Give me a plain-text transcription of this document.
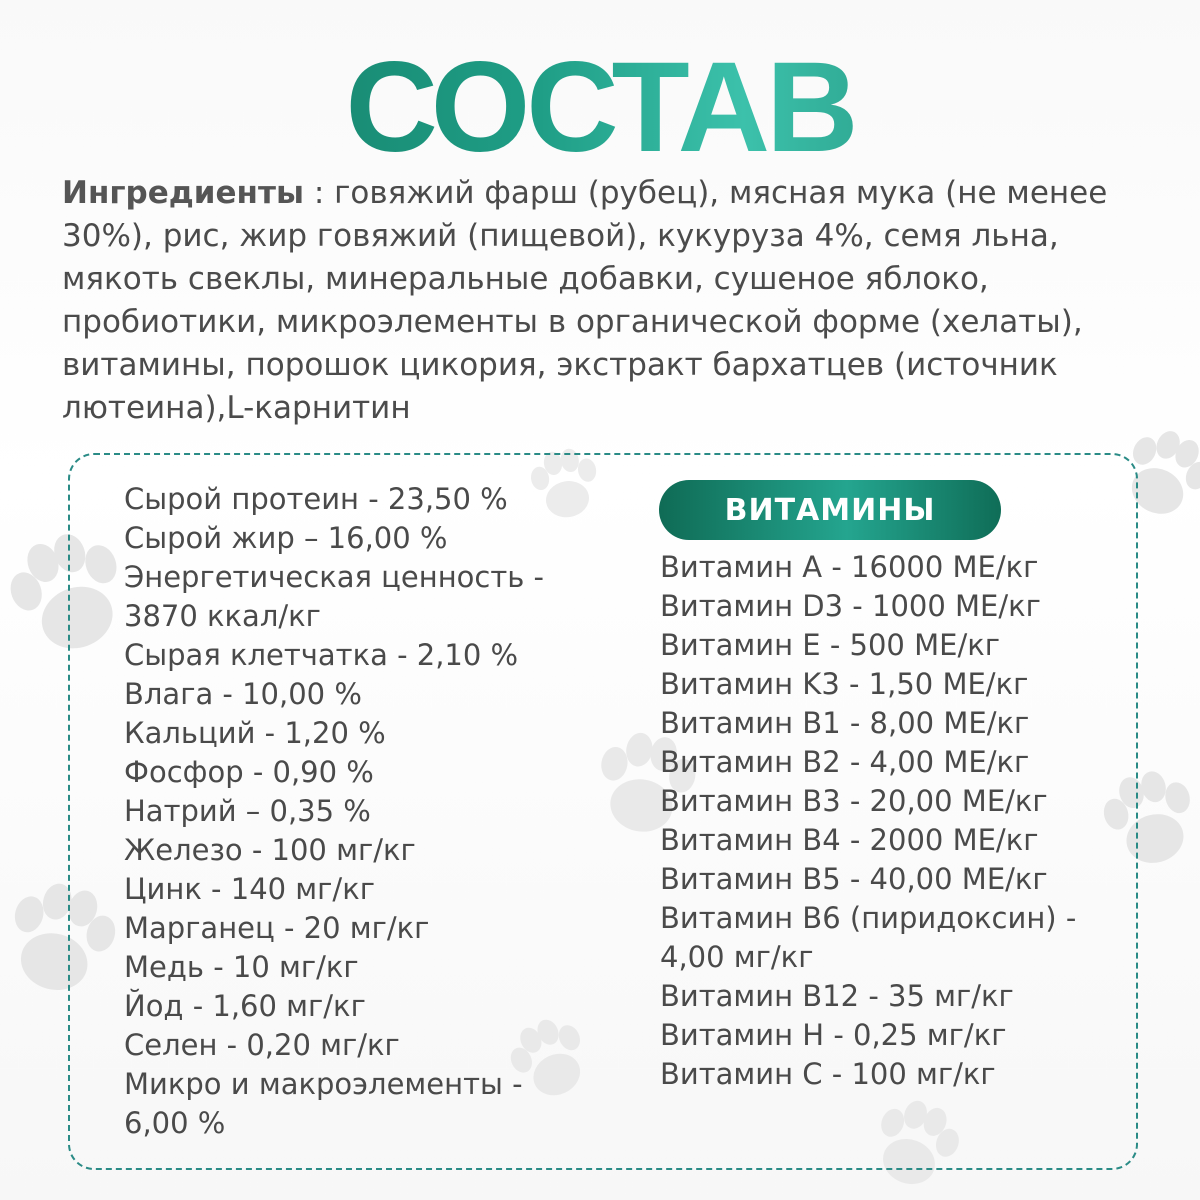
СОСТАВ
Ингредиенты : говяжий фарш (рубец), мясная мука (не менее 30%), рис, жир говяжий (пищевой), кукуруза 4%, семя льна, мякоть свеклы, минеральные добавки, сушеное яблоко, пробиотики, микроэлементы в органической форме (хелаты), витамины, порошок цикория, экстракт бархатцев (источник лютеина),L-карнитин
Сырой протеин - 23,50 %
Сырой жир – 16,00 %
Энергетическая ценность - 3870 ккал/кг
Сырая клетчатка - 2,10 %
Влага - 10,00 %
Кальций - 1,20 %
Фосфор - 0,90 %
Натрий – 0,35 %
Железо - 100 мг/кг
Цинк - 140 мг/кг
Марганец - 20 мг/кг
Медь - 10 мг/кг
Йод - 1,60 мг/кг
Селен - 0,20 мг/кг
Микро и макроэлементы - 6,00 %
ВИТАМИНЫ
Витамин A - 16000 МЕ/кг
Витамин D3 - 1000 МЕ/кг
Витамин E - 500 МЕ/кг
Витамин K3 - 1,50 МЕ/кг
Витамин B1 - 8,00 МЕ/кг
Витамин B2 - 4,00 МЕ/кг
Витамин B3 - 20,00 МЕ/кг
Витамин B4 - 2000 МЕ/кг
Витамин B5 - 40,00 МЕ/кг
Витамин B6 (пиридоксин) - 4,00 мг/кг
Витамин B12 - 35 мг/кг
Витамин H - 0,25 мг/кг
Витамин C - 100 мг/кг
